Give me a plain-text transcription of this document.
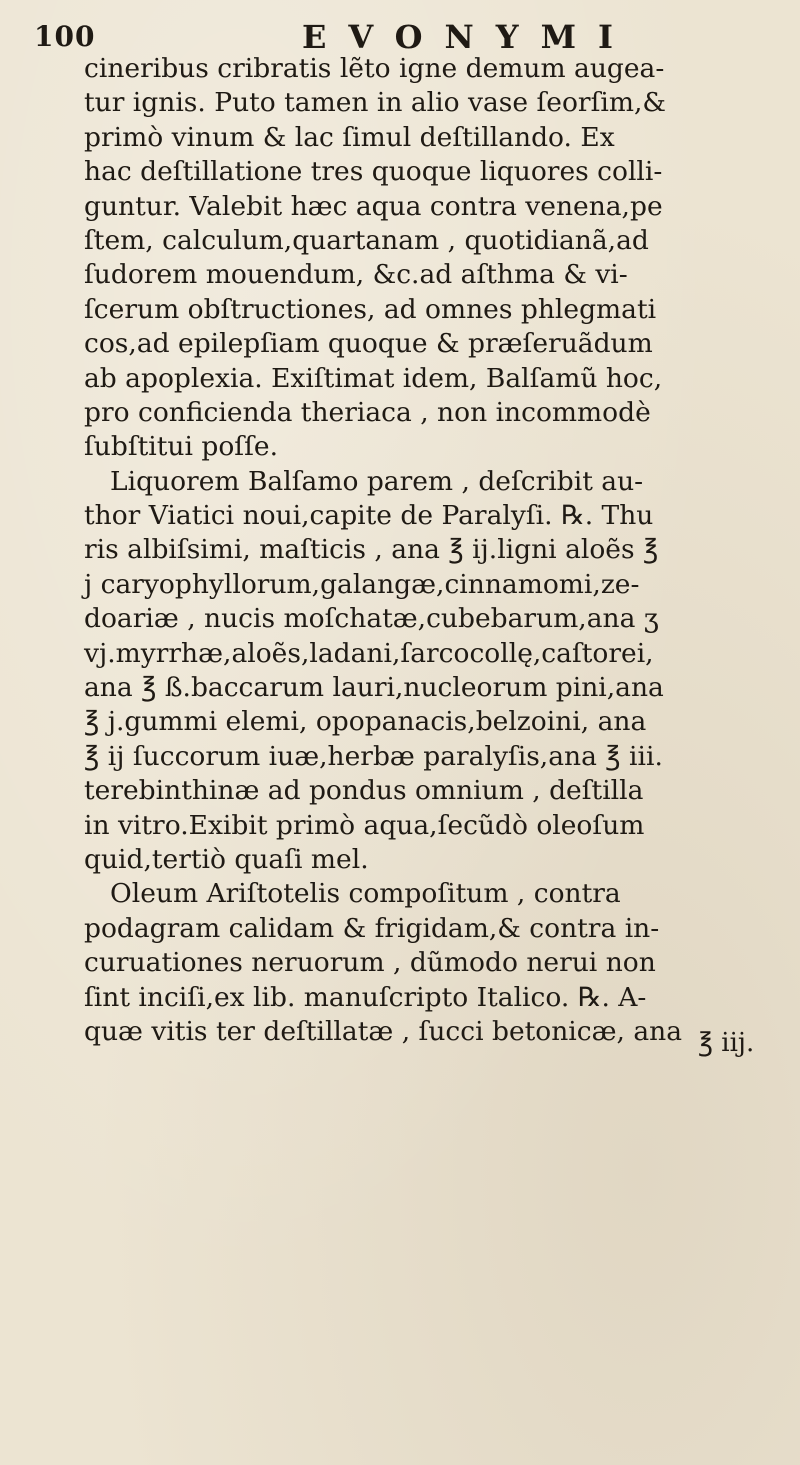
100	EVONYMI
cineribus cribratis lẽto igne demum augea-
tur ignis. Puto tamen in alio vase ſeorſim,&
primò vinum & lac ſimul deſtillando. Ex
hac deſtillatione tres quoque liquores colli-
guntur. Valebit hæc aqua contra venena,pe
ſtem, calculum,quartanam , quotidianã,ad
ſudorem mouendum, &c.ad aſthma & vi-
ſcerum obſtructiones, ad omnes phlegmati
cos,ad epilepſiam quoque & præſeruãdum
ab apoplexia. Exiſtimat idem, Balſamũ hoc,
pro conficienda theriaca , non incommodè
ſubſtitui poſſe.
Liquorem Balſamo parem , deſcribit au-
thor Viatici noui,capite de Paralyſi. ℞. Thu
ris albiſsimi, maſticis , ana ℥ ij.ligni aloẽs ℥
j caryophyllorum,galangæ,cinnamomi,ze-
doariæ , nucis moſchatæ,cubebarum,ana ʒ
vj.myrrhæ,aloẽs,ladani,ſarcocollę,caſtorei,
ana ℥ ß.baccarum lauri,nucleorum pini,ana
℥ j.gummi elemi, opopanacis,belzoini, ana
℥ ij ſuccorum iuæ,herbæ paralyſis,ana ℥ iii.
terebinthinæ ad pondus omnium , deſtilla
in vitro.Exibit primò aqua,ſecũdò oleoſum
quid,tertiò quaſi mel.
Oleum Ariſtotelis compoſitum , contra
podagram calidam & frigidam,& contra in-
curuationes neruorum , dũmodo nerui non
ſint inciſi,ex lib. manuſcripto Italico. ℞. A-
quæ vitis ter deſtillatæ , ſucci betonicæ, ana ℥ iij.
